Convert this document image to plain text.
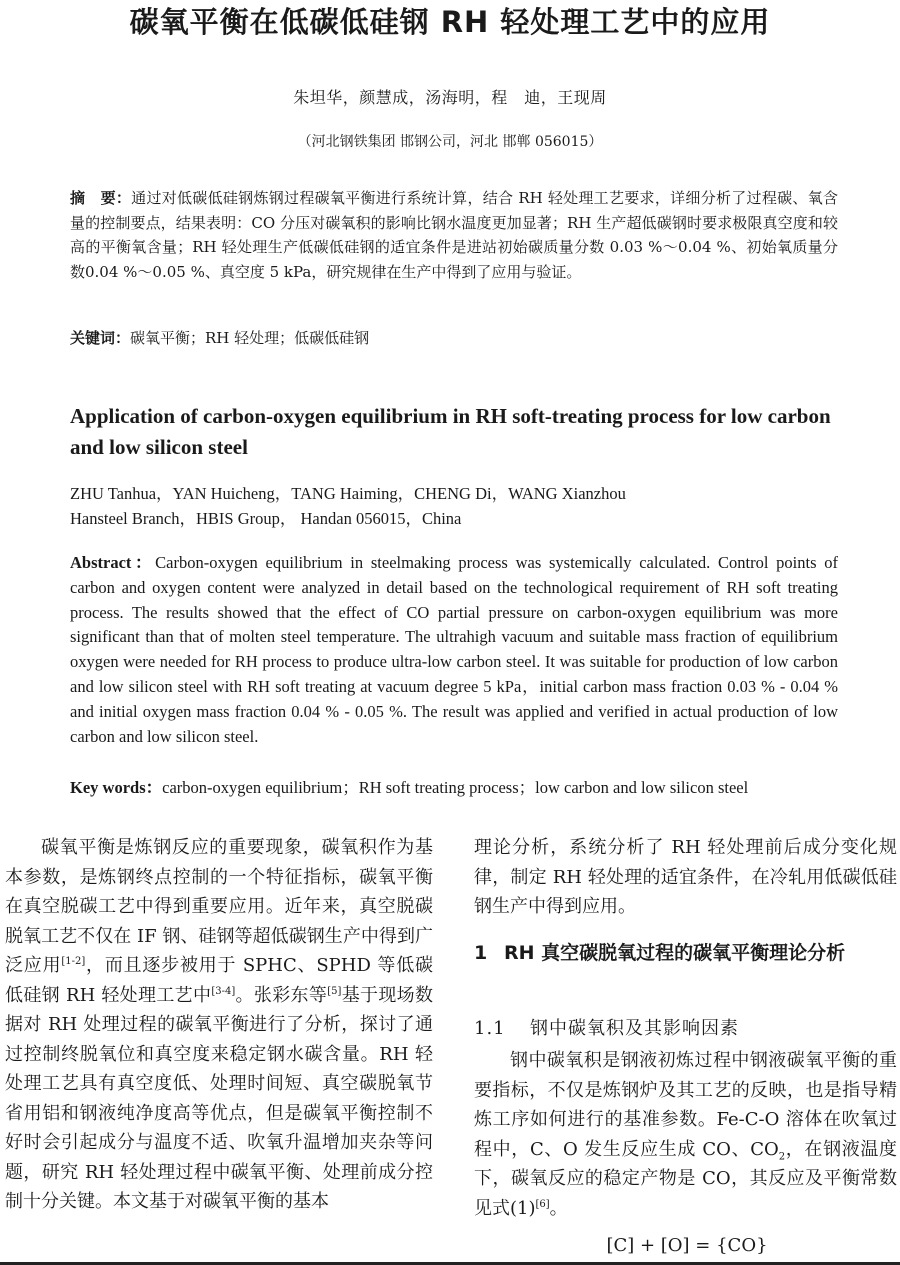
碳氧平衡在低碳低硅钢 RH 轻处理工艺中的应用
朱坦华，颜慧成，汤海明，程　迪，王现周
（河北钢铁集团 邯钢公司，河北 邯郸 056015）
摘　要：通过对低碳低硅钢炼钢过程碳氧平衡进行系统计算，结合 RH 轻处理工艺要求，详细分析了过程碳、氧含量的控制要点，结果表明：CO 分压对碳氧积的影响比钢水温度更加显著；RH 生产超低碳钢时要求极限真空度和较高的平衡氧含量；RH 轻处理生产低碳低硅钢的适宜条件是进站初始碳质量分数 0.03 %～0.04 %、初始氧质量分数0.04 %～0.05 %、真空度 5 kPa，研究规律在生产中得到了应用与验证。
关键词：碳氧平衡；RH 轻处理；低碳低硅钢
Application of carbon-oxygen equilibrium in RH soft-treating process for low carbon and low silicon steel
ZHU Tanhua，YAN Huicheng，TANG Haiming，CHENG Di，WANG Xianzhou
Hansteel Branch，HBIS Group， Handan 056015，China
Abstract：Carbon-oxygen equilibrium in steelmaking process was systemically calculated. Control points of carbon and oxygen content were analyzed in detail based on the technological requirement of RH soft treating process. The results showed that the effect of CO partial pressure on carbon-oxygen equilibrium was more significant than that of molten steel temperature. The ultrahigh vacuum and suitable mass fraction of equilibrium oxygen were needed for RH process to produce ultra-low carbon steel. It was suitable for production of low carbon and low silicon steel with RH soft treating at vacuum degree 5 kPa，initial carbon mass fraction 0.03 % - 0.04 % and initial oxygen mass fraction 0.04 % - 0.05 %. The result was applied and verified in actual production of low carbon and low silicon steel.
Key words：carbon-oxygen equilibrium；RH soft treating process；low carbon and low silicon steel
碳氧平衡是炼钢反应的重要现象，碳氧积作为基本参数，是炼钢终点控制的一个特征指标，碳氧平衡在真空脱碳工艺中得到重要应用。近年来，真空脱碳脱氧工艺不仅在 IF 钢、硅钢等超低碳钢生产中得到广泛应用[1-2]，而且逐步被用于 SPHC、SPHD 等低碳低硅钢 RH 轻处理工艺中[3-4]。张彩东等[5]基于现场数据对 RH 处理过程的碳氧平衡进行了分析，探讨了通过控制终脱氧位和真空度来稳定钢水碳含量。RH 轻处理工艺具有真空度低、处理时间短、真空碳脱氧节省用铝和钢液纯净度高等优点，但是碳氧平衡控制不好时会引起成分与温度不适、吹氧升温增加夹杂等问题，研究 RH 轻处理过程中碳氧平衡、处理前成分控制十分关键。本文基于对碳氧平衡的基本
理论分析，系统分析了 RH 轻处理前后成分变化规律，制定 RH 轻处理的适宜条件，在冷轧用低碳低硅钢生产中得到应用。
1 RH 真空碳脱氧过程的碳氧平衡理论分析
1.1 钢中碳氧积及其影响因素
钢中碳氧积是钢液初炼过程中钢液碳氧平衡的重要指标，不仅是炼钢炉及其工艺的反映，也是指导精炼工序如何进行的基准参数。Fe-C-O 溶体在吹氧过程中，C、O 发生反应生成 CO、$CO_2$，在钢液温度下，碳氧反应的稳定产物是 CO，其反应及平衡常数见式(1)[6]。
[C] + [O] = {CO}
